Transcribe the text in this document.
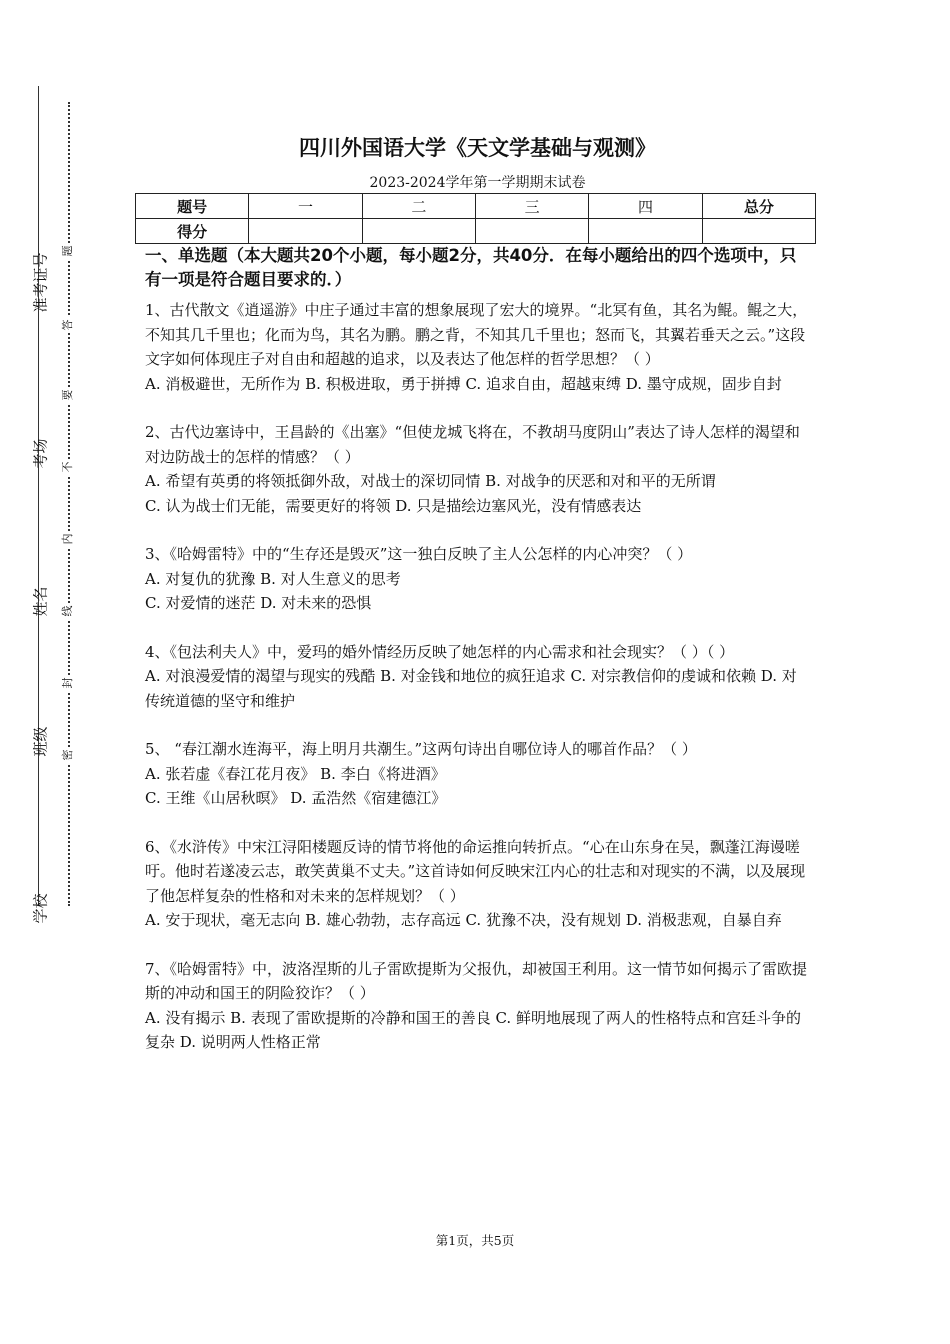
准考证号
考场
姓名
班级
学校
题
答
要
不
内
线
封
密
四川外国语大学《天文学基础与观测》
2023-2024学年第一学期期末试卷
题号	一	二	三	四	总分
得分					
一、单选题（本大题共20个小题，每小题2分，共40分．在每小题给出的四个选项中，只有一项是符合题目要求的．）

1、古代散文《逍遥游》中庄子通过丰富的想象展现了宏大的境界。“北冥有鱼，其名为鲲。鲲之大，不知其几千里也；化而为鸟，其名为鹏。鹏之背，不知其几千里也；怒而飞，其翼若垂天之云。”这段文字如何体现庄子对自由和超越的追求，以及表达了他怎样的哲学思想？（ ）

A. 消极避世，无所作为 B. 积极进取，勇于拼搏 C. 追求自由，超越束缚 D. 墨守成规，固步自封

2、古代边塞诗中，王昌龄的《出塞》“但使龙城飞将在，不教胡马度阴山”表达了诗人怎样的渴望和对边防战士的怎样的情感？（ ）

A. 希望有英勇的将领抵御外敌，对战士的深切同情 B. 对战争的厌恶和对和平的无所谓

C. 认为战士们无能，需要更好的将领 D. 只是描绘边塞风光，没有情感表达

3、《哈姆雷特》中的“生存还是毁灭”这一独白反映了主人公怎样的内心冲突？（ ）

A. 对复仇的犹豫 B. 对人生意义的思考

C. 对爱情的迷茫 D. 对未来的恐惧

4、《包法利夫人》中，爱玛的婚外情经历反映了她怎样的内心需求和社会现实？（ ）（ ）

A. 对浪漫爱情的渴望与现实的残酷 B. 对金钱和地位的疯狂追求 C. 对宗教信仰的虔诚和依赖 D. 对传统道德的坚守和维护

5、 “春江潮水连海平，海上明月共潮生。”这两句诗出自哪位诗人的哪首作品？（ ）

A. 张若虚《春江花月夜》 B. 李白《将进酒》

C. 王维《山居秋暝》 D. 孟浩然《宿建德江》

6、《水浒传》中宋江浔阳楼题反诗的情节将他的命运推向转折点。“心在山东身在吴，飘蓬江海谩嗟吁。他时若遂凌云志，敢笑黄巢不丈夫。”这首诗如何反映宋江内心的壮志和对现实的不满，以及展现了他怎样复杂的性格和对未来的怎样规划？（ ）

A. 安于现状，毫无志向 B. 雄心勃勃，志存高远 C. 犹豫不决，没有规划 D. 消极悲观，自暴自弃

7、《哈姆雷特》中，波洛涅斯的儿子雷欧提斯为父报仇，却被国王利用。这一情节如何揭示了雷欧提斯的冲动和国王的阴险狡诈？（ ）

A. 没有揭示 B. 表现了雷欧提斯的冷静和国王的善良 C. 鲜明地展现了两人的性格特点和宫廷斗争的复杂 D. 说明两人性格正常

第1页，共5页
